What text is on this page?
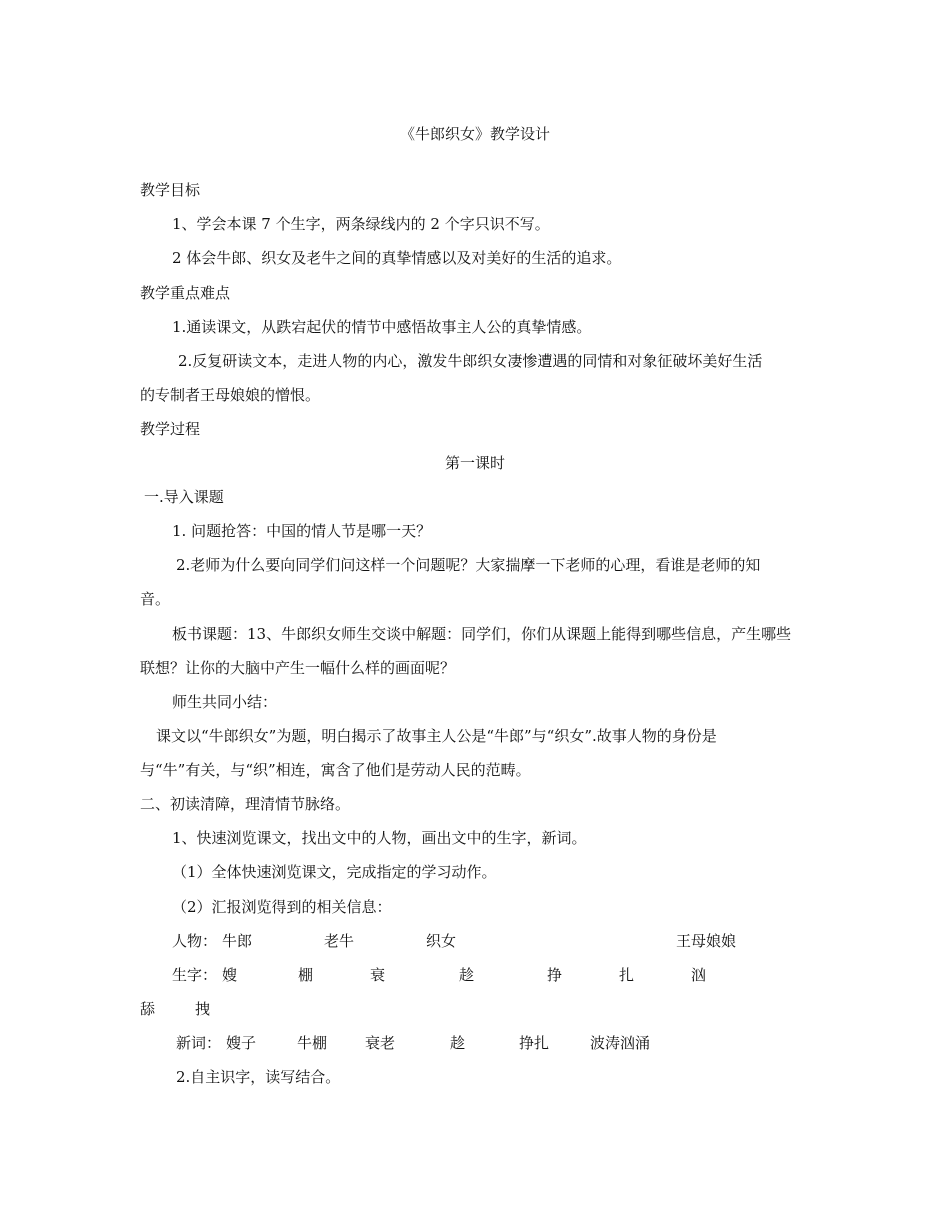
《牛郎织女》教学设计
教学目标
1、学会本课 7 个生字，两条绿线内的 2 个字只识不写。
2 体会牛郎、织女及老牛之间的真挚情感以及对美好的生活的追求。
教学重点难点
1.通读课文，从跌宕起伏的情节中感悟故事主人公的真挚情感。
2.反复研读文本，走进人物的内心，激发牛郎织女凄惨遭遇的同情和对象征破坏美好生活
的专制者王母娘娘的憎恨。
教学过程
第一课时
一.导入课题
1. 问题抢答：中国的情人节是哪一天？
2.老师为什么要向同学们问这样一个问题呢？大家揣摩一下老师的心理，看谁是老师的知
音。
板书课题：13、牛郎织女师生交谈中解题：同学们，你们从课题上能得到哪些信息，产生哪些
联想？让你的大脑中产生一幅什么样的画面呢？
师生共同小结：
课文以“牛郎织女”为题，明白揭示了故事主人公是“牛郎”与“织女”.故事人物的身份是
与“牛”有关，与“织”相连，寓含了他们是劳动人民的范畴。
二、初读清障，理清情节脉络。
1、快速浏览课文，找出文中的人物，画出文中的生字，新词。
（1）全体快速浏览课文，完成指定的学习动作。
（2）汇报浏览得到的相关信息：
人物： 牛郎	老牛	织女	王母娘娘
生字： 嫂	棚	衰	趁	挣	扎	汹
舔	拽
新词： 嫂子	牛棚	衰老	趁	挣扎	波涛汹涌
2.自主识字，读写结合。
